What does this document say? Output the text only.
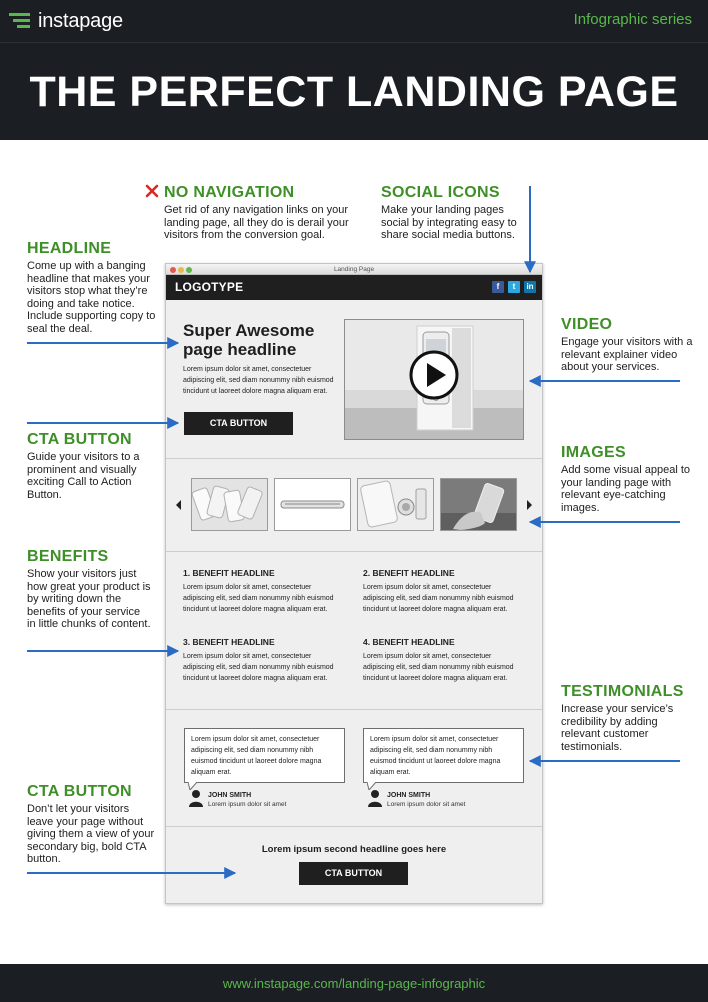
instapage	Infographic series
THE PERFECT LANDING PAGE
NO NAVIGATION
Get rid of any navigation links on your landing page, all they do is derail your visitors from the conversion goal.
SOCIAL ICONS
Make your landing pages social by integrating easy to share social media buttons.
HEADLINE
Come up with a banging headline that makes your visitors stop what they’re doing and take notice. Include supporting copy to seal the deal.	VIDEO
Engage your visitors with a relevant explainer video about your services.
CTA BUTTON
Guide your visitors to a prominent and visually exciting Call to Action Button.
IMAGES
Add some visual appeal to your landing page with relevant eye-catching images.
BENEFITS
Show your visitors just how great your product is by writing down the benefits of your service in little chunks of content.
TESTIMONIALS
Increase your service’s credibility by adding relevant customer testimonials.
CTA BUTTON
Don’t let your visitors leave your page without giving them a view of your secondary big, bold CTA button.
Landing Page
LOGOTYPE	f	t	in
Super Awesome page headline
Lorem ipsum dolor sit amet, consectetuer adipiscing elit, sed diam nonummy nibh euismod tincidunt ut laoreet dolore magna aliquam erat.
CTA BUTTON
1. BENEFIT HEADLINE
Lorem ipsum dolor sit amet, consectetuer adipiscing elit, sed diam nonummy nibh euismod tincidunt ut laoreet dolore magna aliquam erat.
2. BENEFIT HEADLINE
Lorem ipsum dolor sit amet, consectetuer adipiscing elit, sed diam nonummy nibh euismod tincidunt ut laoreet dolore magna aliquam erat.
3. BENEFIT HEADLINE
Lorem ipsum dolor sit amet, consectetuer adipiscing elit, sed diam nonummy nibh euismod tincidunt ut laoreet dolore magna aliquam erat.
4. BENEFIT HEADLINE
Lorem ipsum dolor sit amet, consectetuer adipiscing elit, sed diam nonummy nibh euismod tincidunt ut laoreet dolore magna aliquam erat.
Lorem ipsum dolor sit amet, consectetuer adipiscing elit, sed diam nonummy nibh euismod tincidunt ut laoreet dolore magna aliquam erat.
JOHN SMITH
Lorem ipsum dolor sit amet
Lorem ipsum dolor sit amet, consectetuer adipiscing elit, sed diam nonummy nibh euismod tincidunt ut laoreet dolore magna aliquam erat.
JOHN SMITH
Lorem ipsum dolor sit amet
Lorem ipsum second headline goes here
CTA BUTTON
www.instapage.com/landing-page-infographic
